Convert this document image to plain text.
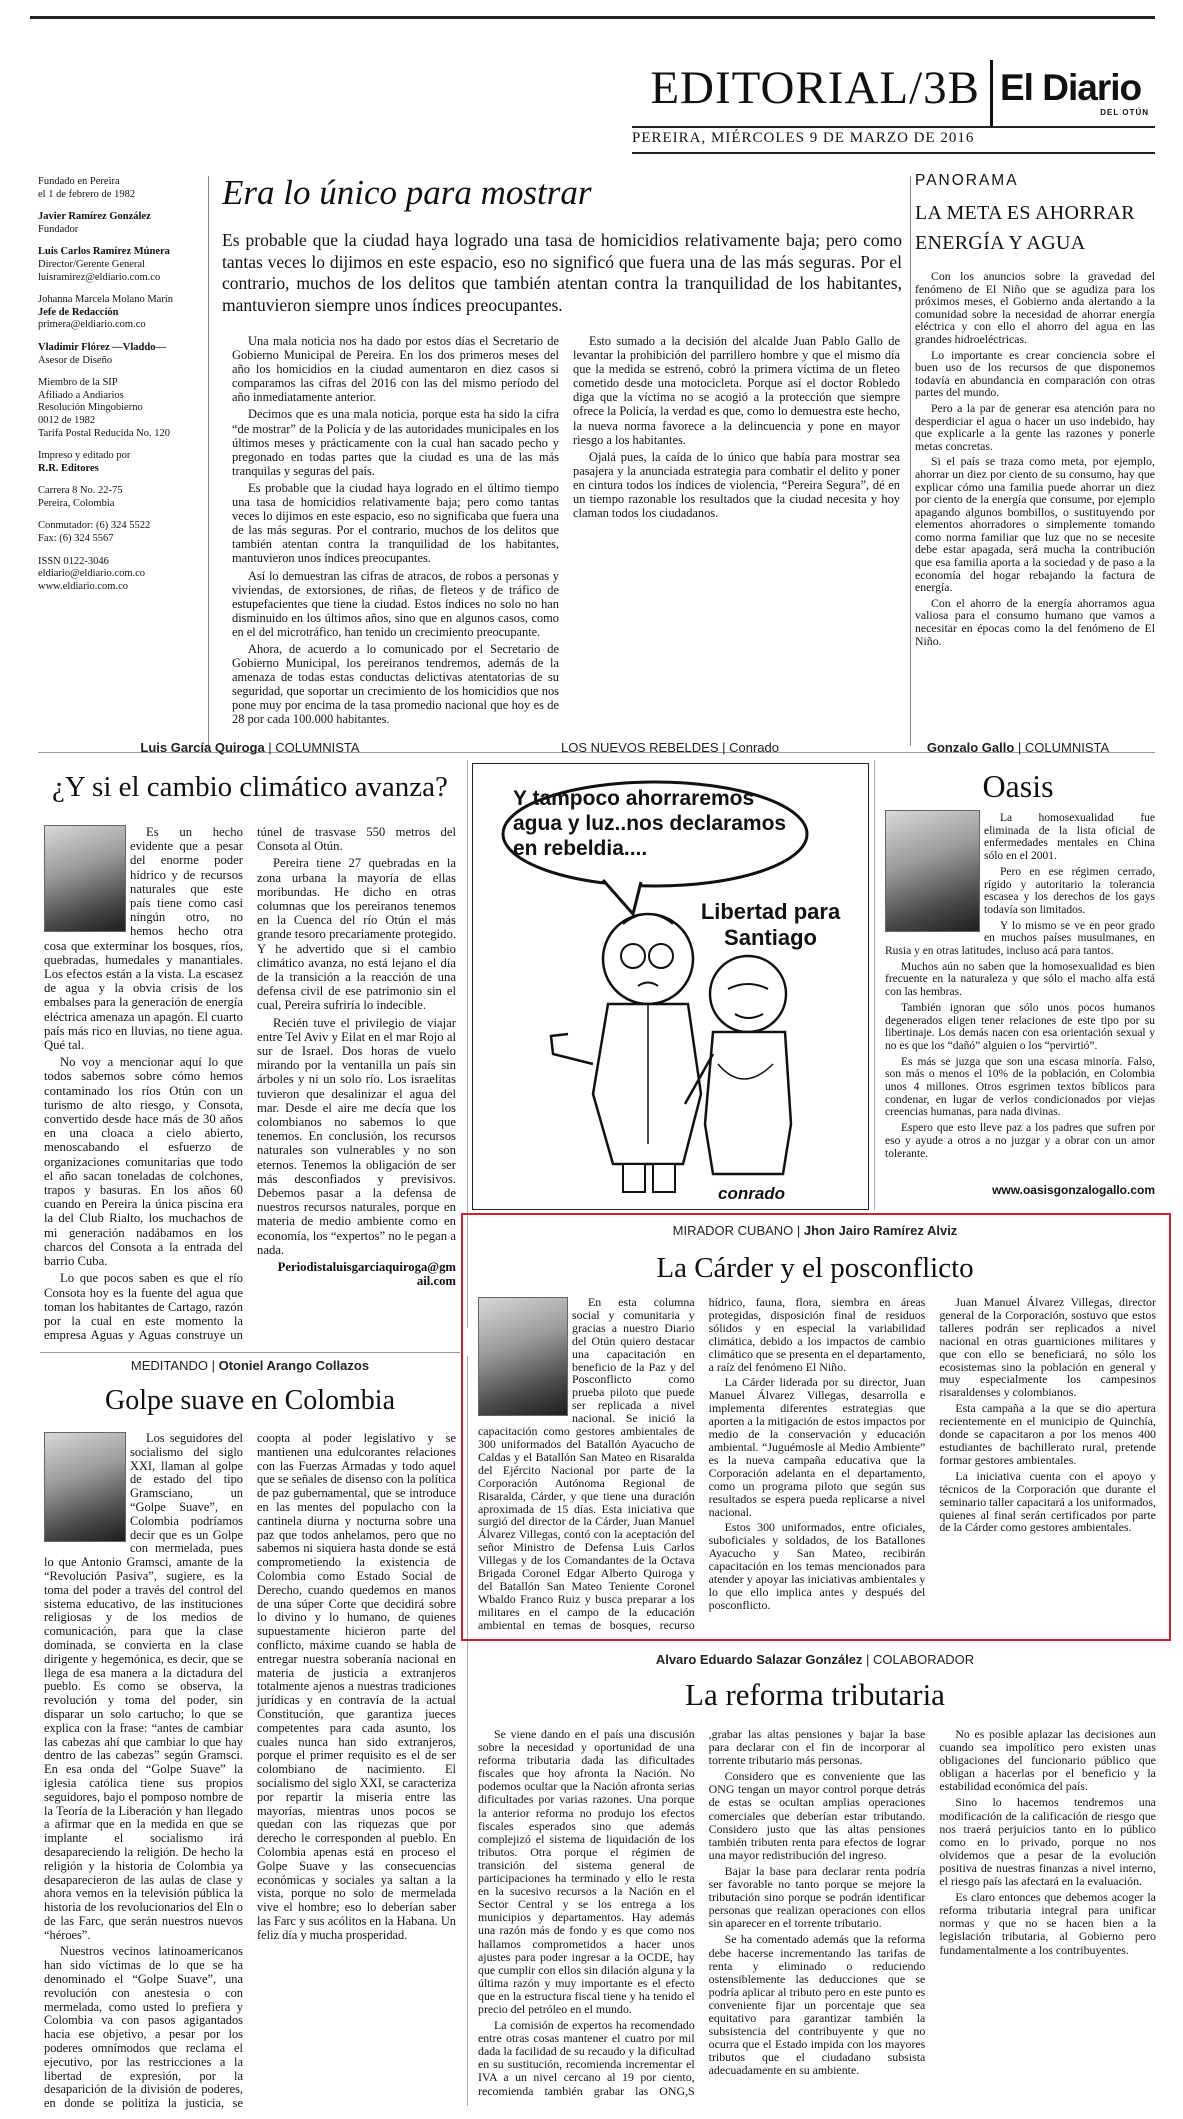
EDITORIAL/3B El Diario
DEL OTÚN
PEREIRA, MIÉRCOLES 9 DE MARZO DE 2016
Fundado en Pereira
el 1 de febrero de 1982
Javier Ramírez González
Fundador
Luis Carlos Ramírez Múnera
Director/Gerente General
luisramirez@eldiario.com.co
Johanna Marcela Molano Marín
Jefe de Redacción
primera@eldiario.com.co
Vladimir Flórez —Vladdo—
Asesor de Diseño
Miembro de la SIP
Afiliado a Andiarios
Resolución Mingobierno
0012 de 1982
Tarifa Postal Reducida No. 120
Impreso y editado por
R.R. Editores
Carrera 8 No. 22-75
Pereira, Colombia
Conmutador: (6) 324 5522
Fax: (6) 324 5567
ISSN 0122-3046
eldiario@eldiario.com.co
www.eldiario.com.co
Era lo único para mostrar
Es probable que la ciudad haya logrado una tasa de homicidios relativamente baja; pero como tantas veces lo dijimos en este espacio, eso no significó que fuera una de las más seguras. Por el contrario, muchos de los delitos que también atentan contra la tranquilidad de los habitantes, mantuvieron siempre unos índices preocupantes.

Una mala noticia nos ha dado por estos días el Secretario de Gobierno Municipal de Pereira. En los dos primeros meses del año los homicidios en la ciudad aumentaron en diez casos si comparamos las cifras del 2016 con las del mismo período del año inmediatamente anterior.

Decimos que es una mala noticia, porque esta ha sido la cifra “de mostrar” de la Policía y de las autoridades municipales en los últimos meses y prácticamente con la cual han sacado pecho y pregonado en todas partes que la ciudad es una de las más tranquilas y seguras del país.

Es probable que la ciudad haya logrado en el último tiempo una tasa de homicidios relativamente baja; pero como tantas veces lo dijimos en este espacio, eso no significaba que fuera una de las más seguras. Por el contrario, muchos de los delitos que también atentan contra la tranquilidad de los habitantes, mantuvieron unos índices preocupantes.

Así lo demuestran las cifras de atracos, de robos a personas y viviendas, de extorsiones, de riñas, de fleteos y de tráfico de estupefacientes que tiene la ciudad. Estos índices no solo no han disminuido en los últimos años, sino que en algunos casos, como en el del microtráfico, han tenido un crecimiento preocupante.

Ahora, de acuerdo a lo comunicado por el Secretario de Gobierno Municipal, los pereiranos tendremos, además de la amenaza de todas estas conductas delictivas atentatorias de su seguridad, que soportar un crecimiento de los homicidios que nos pone muy por encima de la tasa promedio nacional que hoy es de 28 por cada 100.000 habitantes.

Esto sumado a la decisión del alcalde Juan Pablo Gallo de levantar la prohibición del parrillero hombre y que el mismo día que la medida se estrenó, cobró la primera víctima de un fleteo cometido desde una motocicleta. Porque así el doctor Robledo diga que la víctima no se acogió a la protección que siempre ofrece la Policía, la verdad es que, como lo demuestra este hecho, la nueva norma favorece a la delincuencia y pone en mayor riesgo a los habitantes.

Ojalá pues, la caída de lo único que había para mostrar sea pasajera y la anunciada estrategia para combatir el delito y poner en cintura todos los índices de violencia, “Pereira Segura”, dé en un tiempo razonable los resultados que la ciudad necesita y hoy claman todos los ciudadanos.

PANORAMA
LA META ES AHORRAR ENERGÍA Y AGUA

Con los anuncios sobre la gravedad del fenómeno de El Niño que se agudiza para los próximos meses, el Gobierno anda alertando a la comunidad sobre la necesidad de ahorrar energía eléctrica y con ello el ahorro del agua en las grandes hidroeléctricas.

Lo importante es crear conciencia sobre el buen uso de los recursos de que disponemos todavía en abundancia en comparación con otras partes del mundo.

Pero a la par de generar esa atención para no desperdiciar el agua o hacer un uso indebido, hay que explicarle a la gente las razones y ponerle metas concretas.

Si el país se traza como meta, por ejemplo, ahorrar un diez por ciento de su consumo, hay que explicar cómo una familia puede ahorrar un diez por ciento de la energía que consume, por ejemplo apagando algunos bombillos, o sustituyendo por elementos ahorradores o simplemente tomando como norma familiar que luz que no se necesite debe estar apagada, será mucha la contribución que esa familia aporta a la sociedad y de paso a la economía del hogar rebajando la factura de energía.

Con el ahorro de la energía ahorramos agua valiosa para el consumo humano que vamos a necesitar en épocas como la del fenómeno de El Niño.

Luis García Quiroga | COLUMNISTA
¿Y si el cambio climático avanza?

Es un hecho evidente que a pesar del enorme poder hídrico y de recursos naturales que este país tiene como casi ningún otro, no hemos hecho otra cosa que exterminar los bosques, ríos, quebradas, humedales y manantiales. Los efectos están a la vista. La escasez de agua y la obvia crisis de los embalses para la generación de energía eléctrica amenaza un apagón. El cuarto país más rico en lluvias, no tiene agua. Qué tal.

No voy a mencionar aquí lo que todos sabemos sobre cómo hemos contaminado los ríos Otún con un turismo de alto riesgo, y Consota, convertido desde hace más de 30 años en una cloaca a cielo abierto, menoscabando el esfuerzo de organizaciones comunitarias que todo el año sacan toneladas de colchones, trapos y basuras. En los años 60 cuando en Pereira la única piscina era la del Club Rialto, los muchachos de mi generación nadábamos en los charcos del Consota a la entrada del barrio Cuba.

Lo que pocos saben es que el río Consota hoy es la fuente del agua que toman los habitantes de Cartago, razón por la cual en este momento la empresa Aguas y Aguas construye un túnel de trasvase 550 metros del Consota al Otún.

Pereira tiene 27 quebradas en la zona urbana la mayoría de ellas moribundas. He dicho en otras columnas que los pereiranos tenemos en la Cuenca del río Otún el más grande tesoro precariamente protegido. Y he advertido que si el cambio climático avanza, no está lejano el día de la transición a la reacción de una defensa civil de ese patrimonio sin el cual, Pereira sufriría lo indecible.

Recién tuve el privilegio de viajar entre Tel Aviv y Eilat en el mar Rojo al sur de Israel. Dos horas de vuelo mirando por la ventanilla un país sin árboles y ni un solo río. Los israelitas tuvieron que desalinizar el agua del mar. Desde el aire me decía que los colombianos no sabemos lo que tenemos. En conclusión, los recursos naturales son vulnerables y no son eternos. Tenemos la obligación de ser más desconfiados y previsivos. Debemos pasar a la defensa de nuestros recursos naturales, porque en materia de medio ambiente como en economía, los “expertos” no le pegan a nada.

Periodistaluisgarciaquiroga@gmail.com

LOS NUEVOS REBELDES | Conrado
Y tampoco ahorraremos agua y luz..nos declaramos en rebeldia....
Libertad para Santiago
conrado
Gonzalo Gallo | COLUMNISTA
Oasis

La homosexualidad fue eliminada de la lista oficial de enfermedades mentales en China sólo en el 2001.

Pero en ese régimen cerrado, rígido y autoritario la tolerancia escasea y los derechos de los gays todavía son limitados.

Y lo mismo se ve en peor grado en muchos países musulmanes, en Rusia y en otras latitudes, incluso acá para tantos.

Muchos aún no saben que la homosexualidad es bien frecuente en la naturaleza y que sólo el macho alfa está con las hembras.

También ignoran que sólo unos pocos humanos degenerados eligen tener relaciones de este tipo por su libertinaje. Los demás nacen con esa orientación sexual y no es que los “dañó” alguien o los “pervirtió”.

Es más se juzga que son una escasa minoría. Falso, son más o menos el 10% de la población, en Colombia unos 4 millones. Otros esgrimen textos bíblicos para condenar, en lugar de verlos condicionados por viejas creencias humanas, para nada divinas.

Espero que esto lleve paz a los padres que sufren por eso y ayude a otros a no juzgar y a obrar con un amor tolerante.

www.oasisgonzalogallo.com
MEDITANDO | Otoniel Arango Collazos
Golpe suave en Colombia

Los seguidores del socialismo del siglo XXI, llaman al golpe de estado del tipo Gramsciano, un “Golpe Suave”, en Colombia podríamos decir que es un Golpe con mermelada, pues lo que Antonio Gramsci, amante de la “Revolución Pasiva”, sugiere, es la toma del poder a través del control del sistema educativo, de las instituciones religiosas y de los medios de comunicación, para que la clase dominada, se convierta en la clase dirigente y hegemónica, es decir, que se llega de esa manera a la dictadura del pueblo. Es como se observa, la revolución y toma del poder, sin disparar un solo cartucho; lo que se explica con la frase: “antes de cambiar las cabezas ahí que cambiar lo que hay dentro de las cabezas” según Gramsci. En esa onda del “Golpe Suave” la iglesia católica tiene sus propios seguidores, bajo el pomposo nombre de la Teoría de la Liberación y han llegado a afirmar que en la medida en que se implante el socialismo irá desapareciendo la religión. De hecho la religión y la historia de Colombia ya desaparecieron de las aulas de clase y ahora vemos en la televisión pública la historia de los revolucionarios del Eln o de las Farc, que serán nuestros nuevos “héroes”.

Nuestros vecinos latinoamericanos han sido víctimas de lo que se ha denominado el “Golpe Suave”, una revolución con anestesia o con mermelada, como usted lo prefiera y Colombia va con pasos agigantados hacia ese objetivo, a pesar por los poderes omnímodos que reclama el ejecutivo, por las restricciones a la libertad de expresión, por la desaparición de la división de poderes, en donde se politiza la justicia, se coopta al poder legislativo y se mantienen una edulcorantes relaciones con las Fuerzas Armadas y todo aquel que se señales de disenso con la política de paz gubernamental, que se introduce en las mentes del populacho con la cantinela diurna y nocturna sobre una paz que todos anhelamos, pero que no sabemos ni siquiera hasta donde se está comprometiendo la existencia de Colombia como Estado Social de Derecho, cuando quedemos en manos de una súper Corte que decidirá sobre lo divino y lo humano, de quienes supuestamente hicieron parte del conflicto, máxime cuando se habla de entregar nuestra soberanía nacional en materia de justicia a extranjeros totalmente ajenos a nuestras tradiciones jurídicas y en contravía de la actual Constitución, que garantiza jueces competentes para cada asunto, los cuales nunca han sido extranjeros, porque el primer requisito es el de ser colombiano de nacimiento. El socialismo del siglo XXI, se caracteriza por repartir la miseria entre las mayorías, mientras unos pocos se quedan con las riquezas que por derecho le corresponden al pueblo. En Colombia apenas está en proceso el Golpe Suave y las consecuencias económicas y sociales ya saltan a la vista, porque no solo de mermelada vive el hombre; eso lo deberían saber las Farc y sus acólitos en la Habana. Un feliz día y mucha prosperidad.

MIRADOR CUBANO | Jhon Jairo Ramírez Alviz
La Cárder y el posconflicto

En esta columna social y comunitaria y gracias a nuestro Diario del Otún quiero destacar una capacitación en beneficio de la Paz y del Posconflicto como prueba piloto que puede ser replicada a nivel nacional. Se inició la capacitación como gestores ambientales de 300 uniformados del Batallón Ayacucho de Caldas y el Batallón San Mateo en Risaralda del Ejército Nacional por parte de la Corporación Autónoma Regional de Risaralda, Cárder, y que tiene una duración aproximada de 15 días. Esta iniciativa que surgió del director de la Cárder, Juan Manuel Álvarez Villegas, contó con la aceptación del señor Ministro de Defensa Luis Carlos Villegas y de los Comandantes de la Octava Brigada Coronel Edgar Alberto Quiroga y del Batallón San Mateo Teniente Coronel Wbaldo Franco Ruiz y busca preparar a los militares en el campo de la educación ambiental en temas de bosques, recurso hídrico, fauna, flora, siembra en áreas protegidas, disposición final de residuos sólidos y en especial la variabilidad climática, debido a los impactos de cambio climático que se presenta en el departamento, a raíz del fenómeno El Niño.

La Cárder liderada por su director, Juan Manuel Álvarez Villegas, desarrolla e implementa diferentes estrategias que aporten a la mitigación de estos impactos por medio de la conservación y educación ambiental. “Juguémosle al Medio Ambiente” es la nueva campaña educativa que la Corporación adelanta en el departamento, como un programa piloto que según sus resultados se espera pueda replicarse a nivel nacional.

Estos 300 uniformados, entre oficiales, suboficiales y soldados, de los Batallones Ayacucho y San Mateo, recibirán capacitación en los temas mencionados para atender y apoyar las iniciativas ambientales y lo que ello implica antes y después del posconflicto.

Juan Manuel Álvarez Villegas, director general de la Corporación, sostuvo que estos talleres podrán ser replicados a nivel nacional en otras guarniciones militares y que con ello se beneficiará, no sólo los ecosistemas sino la población en general y muy especialmente los campesinos risaraldenses y colombianos.

Esta campaña a la que se dio apertura recientemente en el municipio de Quinchía, donde se capacitaron a por los menos 400 estudiantes de bachillerato rural, pretende formar gestores ambientales.

La iniciativa cuenta con el apoyo y técnicos de la Corporación que durante el seminario taller capacitará a los uniformados, quienes al final serán certificados por parte de la Cárder como gestores ambientales.

Alvaro Eduardo Salazar González | COLABORADOR
La reforma tributaria

Se viene dando en el país una discusión sobre la necesidad y oportunidad de una reforma tributaria dada las dificultades fiscales que hoy afronta la Nación. No podemos ocultar que la Nación afronta serias dificultades por varias razones. Una porque la anterior reforma no produjo los efectos fiscales esperados sino que además complejizó el sistema de liquidación de los tributos. Otra porque el régimen de transición del sistema general de participaciones ha terminado y ello le resta en la sucesivo recursos a la Nación en el Sector Central y se los entrega a los municipios y departamentos. Hay además una razón más de fondo y es que como nos hallamos comprometidos a hacer unos ajustes para poder ingresar a la OCDE, hay que cumplir con ellos sin dilación alguna y la última razón y muy importante es el efecto que en la estructura fiscal tiene y ha tenido el precio del petróleo en el mundo.

La comisión de expertos ha recomendado entre otras cosas mantener el cuatro por mil dada la facilidad de su recaudo y la dificultad en su sustitución, recomienda incrementar el IVA a un nivel cercano al 19 por ciento, recomienda también grabar las ONG,S ,grabar las altas pensiones y bajar la base para declarar con el fin de incorporar al torrente tributario más personas.

Considero que es conveniente que las ONG tengan un mayor control porque detrás de estas se ocultan amplias operaciones comerciales que deberían estar tributando. Considero justo que las altas pensiones también tributen renta para efectos de lograr una mayor redistribución del ingreso.

Bajar la base para declarar renta podría ser favorable no tanto porque se mejore la tributación sino porque se podrán identificar personas que realizan operaciones con ellos sin aparecer en el torrente tributario.

Se ha comentado además que la reforma debe hacerse incrementando las tarifas de renta y eliminado o reduciendo ostensiblemente las deducciones que se podría aplicar al tributo pero en este punto es conveniente fijar un porcentaje que sea equitativo para garantizar también la subsistencia del contribuyente y que no ocurra que el Estado impida con los mayores tributos que el ciudadano subsista adecuadamente en su ambiente.

No es posible aplazar las decisiones aun cuando sea impolítico pero existen unas obligaciones del funcionario público que obligan a hacerlas por el beneficio y la estabilidad económica del país.

Sino lo hacemos tendremos una modificación de la calificación de riesgo que nos traerá perjuicios tanto en lo público como en lo privado, porque no nos olvidemos que a pesar de la evolución positiva de nuestras finanzas a nivel interno, el riesgo país las afectará en la evaluación.

Es claro entonces que debemos acoger la reforma tributaria integral para unificar normas y que no se hacen bien a la legislación tributaria, al Gobierno pero fundamentalmente a los contribuyentes.
